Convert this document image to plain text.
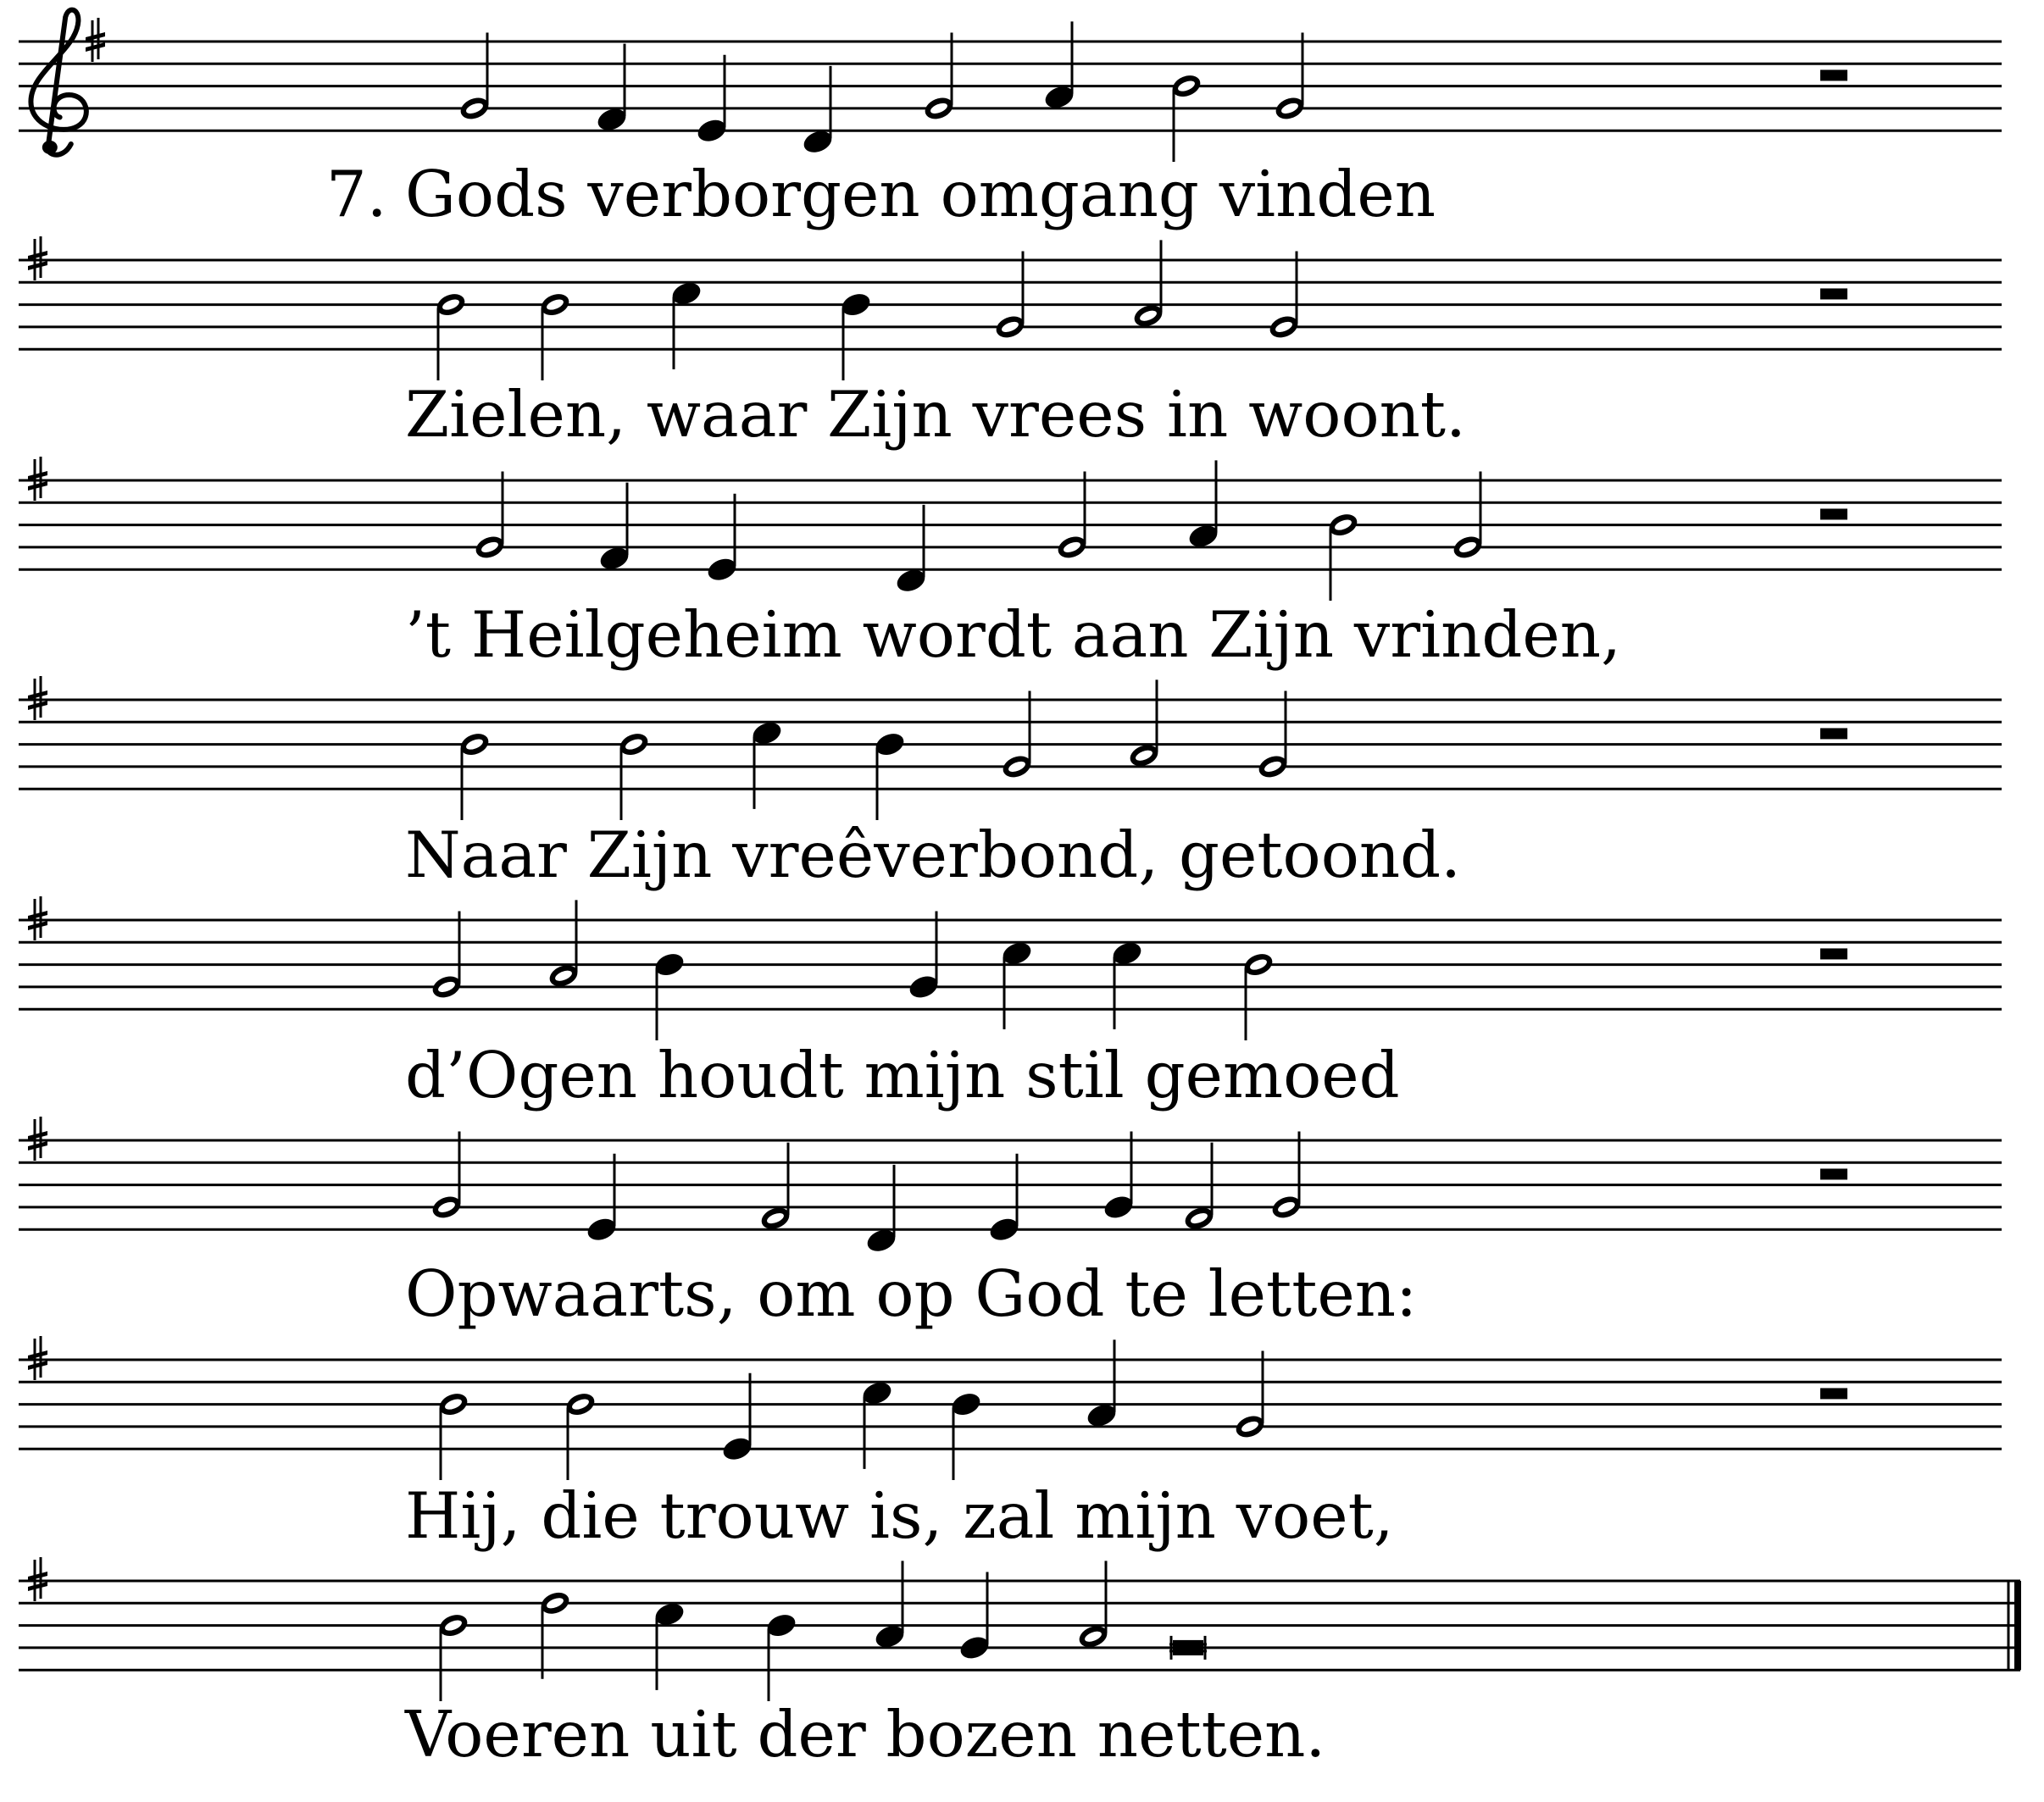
Gods verborgen omgang vinden
Zielen, waar Zijn vrees in woont.
’t Heilgeheim wordt aan Zijn vrinden,
Naar Zijn vreêverbond, getoond.
d’Ogen houdt mijn stil gemoed
Opwaarts, om op God te letten:
Hij, die trouw is, zal mijn voet,
Voeren uit der bozen netten.
7.
